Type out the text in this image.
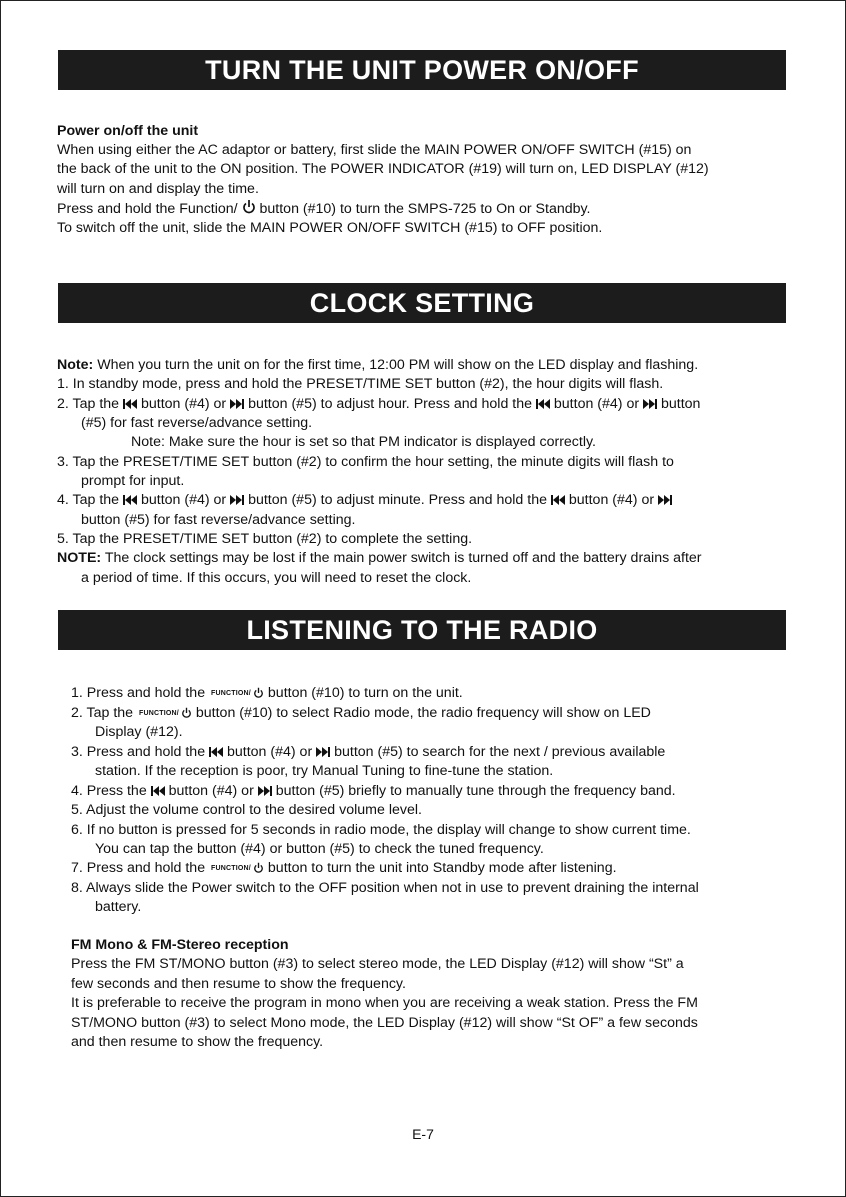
TURN THE UNIT POWER ON/OFF
Power on/off the unit
When using either the AC adaptor or battery, first slide the MAIN POWER ON/OFF SWITCH (#15) on
the back of the unit to the ON position. The POWER INDICATOR (#19) will turn on, LED DISPLAY (#12)
will turn on and display the time.
Press and hold the Function/ button (#10) to turn the SMPS-725 to On or Standby.
To switch off the unit, slide the MAIN POWER ON/OFF SWITCH (#15) to OFF position.
CLOCK SETTING
Note: When you turn the unit on for the first time, 12:00 PM will show on the LED display and flashing.
1. In standby mode, press and hold the PRESET/TIME SET button (#2), the hour digits will flash.
2. Tap the button (#4) or button (#5) to adjust hour. Press and hold the button (#4) or button
(#5) for fast reverse/advance setting.
Note: Make sure the hour is set so that PM indicator is displayed correctly.
3. Tap the PRESET/TIME SET button (#2) to confirm the hour setting, the minute digits will flash to
prompt for input.
4. Tap the button (#4) or button (#5) to adjust minute. Press and hold the button (#4) or
button (#5) for fast reverse/advance setting.
5. Tap the PRESET/TIME SET button (#2) to complete the setting.
NOTE: The clock settings may be lost if the main power switch is turned off and the battery drains after
a period of time. If this occurs, you will need to reset the clock.
LISTENING TO THE RADIO
1. Press and hold the FUNCTION/ button (#10) to turn on the unit.
2. Tap the FUNCTION/ button (#10) to select Radio mode, the radio frequency will show on LED
Display (#12).
3. Press and hold the button (#4) or button (#5) to search for the next / previous available
station. If the reception is poor, try Manual Tuning to fine-tune the station.
4. Press the button (#4) or button (#5) briefly to manually tune through the frequency band.
5. Adjust the volume control to the desired volume level.
6. If no button is pressed for 5 seconds in radio mode, the display will change to show current time.
You can tap the button (#4) or button (#5) to check the tuned frequency.
7. Press and hold the FUNCTION/ button to turn the unit into Standby mode after listening.
8. Always slide the Power switch to the OFF position when not in use to prevent draining the internal
battery.
FM Mono & FM-Stereo reception
Press the FM ST/MONO button (#3) to select stereo mode, the LED Display (#12) will show “St” a
few seconds and then resume to show the frequency.
It is preferable to receive the program in mono when you are receiving a weak station. Press the FM
ST/MONO button (#3) to select Mono mode, the LED Display (#12) will show “St OF” a few seconds
and then resume to show the frequency.
E-7
